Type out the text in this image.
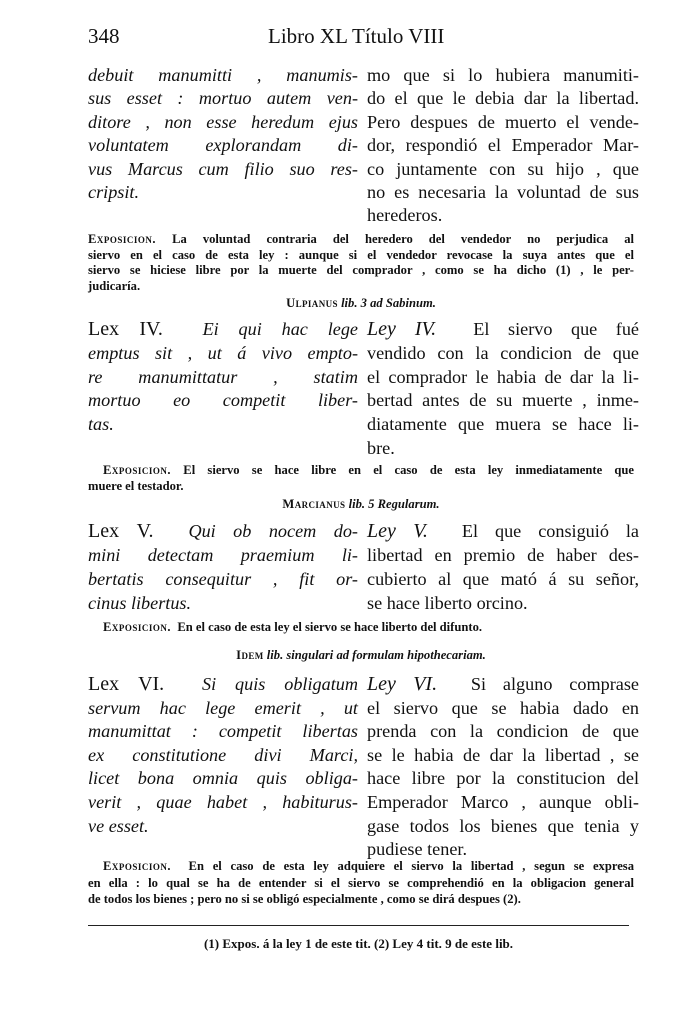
348	Libro XL Título VIII
debuit manumitti , manumis-
sus esset : mortuo autem ven-
ditore , non esse heredum ejus
voluntatem explorandam di-
vus Marcus cum filio suo res-
cripsit.
mo que si lo hubiera manumiti-
do el que le debia dar la libertad.
Pero despues de muerto el vende-
dor, respondió el Emperador Mar-
co juntamente con su hijo , que
no es necesaria la voluntad de sus
herederos.
Exposicion. La voluntad contraria del heredero del vendedor no perjudica al
siervo en el caso de esta ley : aunque si el vendedor revocase la suya antes que el
siervo se hiciese libre por la muerte del comprador , como se ha dicho (1) , le per-
judicaría.
Ulpianus lib. 3 ad Sabinum.
Lex IV. Ei qui hac lege
emptus sit , ut á vivo empto-
re manumittatur , statim
mortuo eo competit liber-
tas.
Ley IV. El siervo que fué
vendido con la condicion de que
el comprador le habia de dar la li-
bertad antes de su muerte , inme-
diatamente que muera se hace li-
bre.
Exposicion. El siervo se hace libre en el caso de esta ley inmediatamente que
muere el testador.
Marcianus lib. 5 Regularum.
Lex V. Qui ob nocem do-
mini detectam praemium li-
bertatis consequitur , fit or-
cinus libertus.
Ley V. El que consiguió la
libertad en premio de haber des-
cubierto al que mató á su señor,
se hace liberto orcino.
Exposicion. En el caso de esta ley el siervo se hace liberto del difunto.
Idem lib. singulari ad formulam hipothecariam.
Lex VI. Si quis obligatum
servum hac lege emerit , ut
manumittat : competit libertas
ex constitutione divi Marci,
licet bona omnia quis obliga-
verit , quae habet , habiturus-
ve esset.
Ley VI. Si alguno comprase
el siervo que se habia dado en
prenda con la condicion de que
se le habia de dar la libertad , se
hace libre por la constitucion del
Emperador Marco , aunque obli-
gase todos los bienes que tenia y
pudiese tener.
Exposicion. En el caso de esta ley adquiere el siervo la libertad , segun se expresa
en ella : lo qual se ha de entender si el siervo se comprehendió en la obligacion general
de todos los bienes ; pero no si se obligó especialmente , como se dirá despues (2).
(1) Expos. á la ley 1 de este tit. (2) Ley 4 tit. 9 de este lib.
